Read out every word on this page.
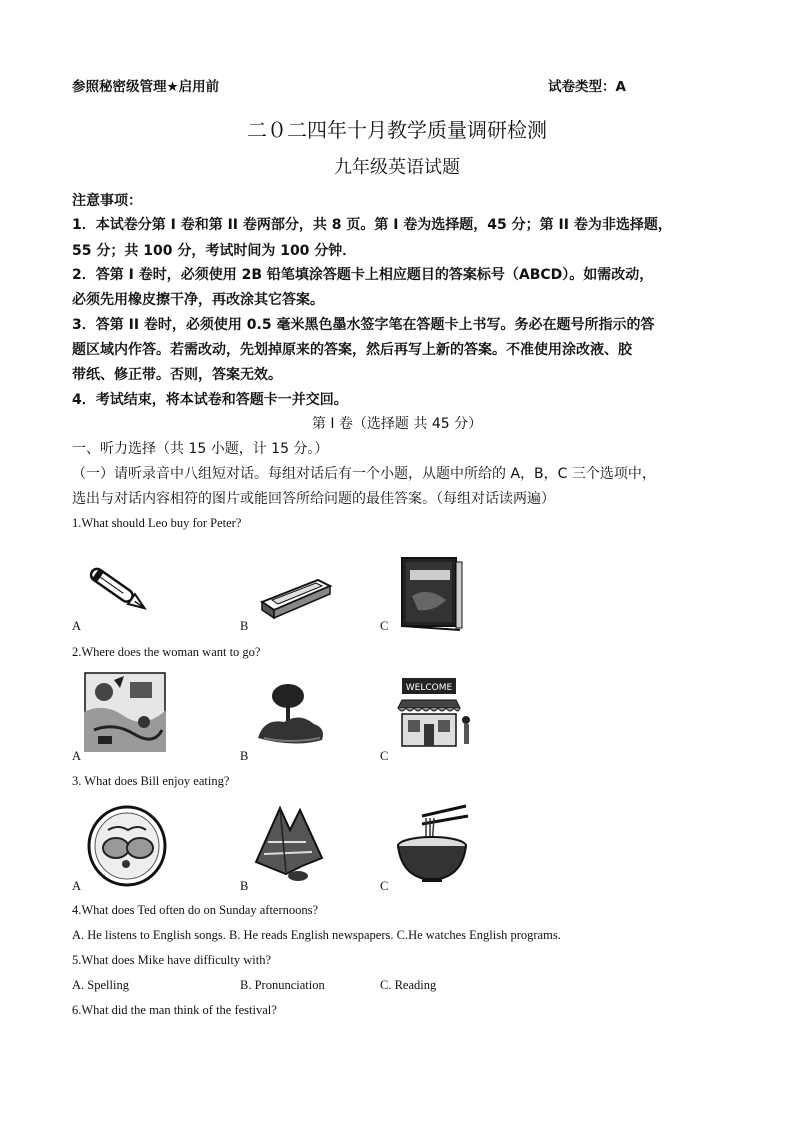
参照秘密级管理★启用前	试卷类型：A
二０二四年十月教学质量调研检测
九年级英语试题
注意事项：
1．本试卷分第 I 卷和第 II 卷两部分，共 8 页。第 I 卷为选择题，45 分；第 II 卷为非选择题，
55 分；共 100 分，考试时间为 100 分钟．
2．答第 I 卷时，必须使用 2B 铅笔填涂答题卡上相应题目的答案标号（ABCD）。如需改动，
必须先用橡皮擦干净，再改涂其它答案。
3．答第 II 卷时，必须使用 0.5 毫米黑色墨水签字笔在答题卡上书写。务必在题号所指示的答
题区域内作答。若需改动，先划掉原来的答案，然后再写上新的答案。不准使用涂改液、胶
带纸、修正带。否则，答案无效。
4．考试结束，将本试卷和答题卡一并交回。
第 I 卷（选择题 共 45 分）
一、听力选择（共 15 小题，计 15 分。）
（一）请听录音中八组短对话。每组对话后有一个小题，从题中所给的 A，B，C 三个选项中，
选出与对话内容相符的图片或能回答所给问题的最佳答案。（每组对话读两遍）
1.What should Leo buy for Peter?
A	B	C
2.Where does the woman want to go?
WELCOME
A	B	C
3. What does Bill enjoy eating?
A	B	C
4.What does Ted often do on Sunday afternoons?
A. He listens to English songs. B. He reads English newspapers. C.He watches English programs.
5.What does Mike have difficulty with?
A. Spelling	B. Pronunciation	C. Reading
6.What did the man think of the festival?
